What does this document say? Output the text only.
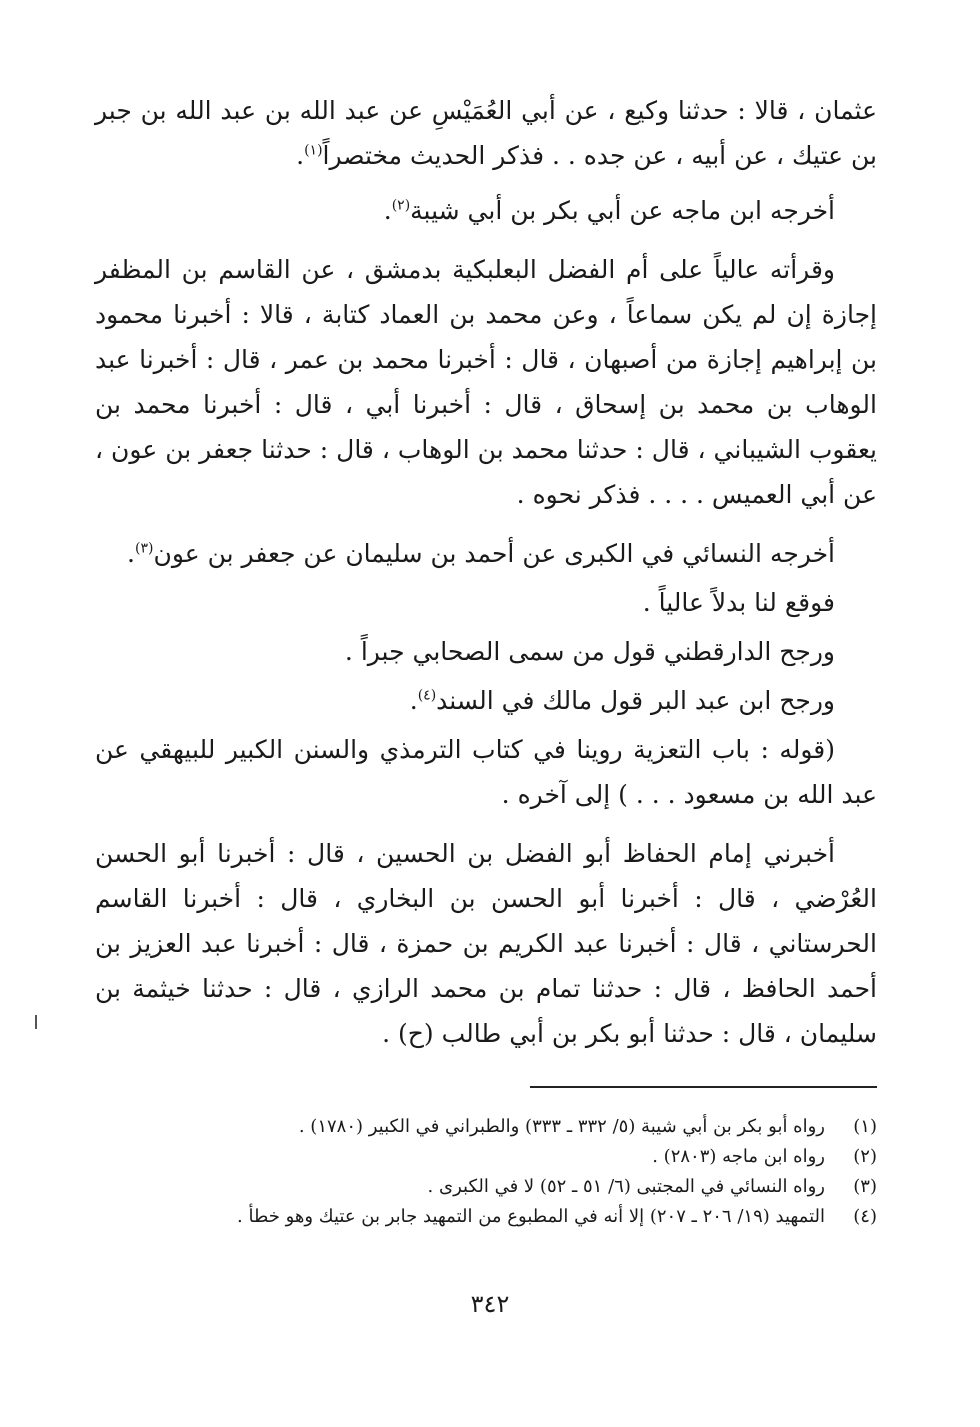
عثمان ، قالا : حدثنا وكيع ، عن أبي العُمَيْسِ عن عبد الله بن عبد الله بن جبر بن عتيك ، عن أبيه ، عن جده . . فذكر الحديث مختصراً$^{(١)}$.

أخرجه ابن ماجه عن أبي بكر بن أبي شيبة$^{(٢)}$.

وقرأته عالياً على أم الفضل البعلبكية بدمشق ، عن القاسم بن المظفر إجازة إن لم يكن سماعاً ، وعن محمد بن العماد كتابة ، قالا : أخبرنا محمود بن إبراهيم إجازة من أصبهان ، قال : أخبرنا محمد بن عمر ، قال : أخبرنا عبد الوهاب بن محمد بن إسحاق ، قال : أخبرنا أبي ، قال : أخبرنا محمد بن يعقوب الشيباني ، قال : حدثنا محمد بن الوهاب ، قال : حدثنا جعفر بن عون ، عن أبي العميس . . . . فذكر نحوه .

أخرجه النسائي في الكبرى عن أحمد بن سليمان عن جعفر بن عون$^{(٣)}$.

فوقع لنا بدلاً عالياً .

ورجح الدارقطني قول من سمى الصحابي جبراً .

ورجح ابن عبد البر قول مالك في السند$^{(٤)}$.

(قوله : باب التعزية روينا في كتاب الترمذي والسنن الكبير للبيهقي عن عبد الله بن مسعود . . . ) إلى آخره .

أخبرني إمام الحفاظ أبو الفضل بن الحسين ، قال : أخبرنا أبو الحسن العُرْضي ، قال : أخبرنا أبو الحسن بن البخاري ، قال : أخبرنا القاسم الحرستاني ، قال : أخبرنا عبد الكريم بن حمزة ، قال : أخبرنا عبد العزيز بن أحمد الحافظ ، قال : حدثنا تمام بن محمد الرازي ، قال : حدثنا خيثمة بن سليمان ، قال : حدثنا أبو بكر بن أبي طالب (ح) .

(١)
رواه أبو بكر بن أبي شيبة (٥/ ٣٣٢ ـ ٣٣٣) والطبراني في الكبير (١٧٨٠) .
(٢)
رواه ابن ماجه (٢٨٠٣) .
(٣)
رواه النسائي في المجتبى (٦/ ٥١ ـ ٥٢) لا في الكبرى .
(٤)
التمهيد (١٩/ ٢٠٦ ـ ٢٠٧) إلا أنه في المطبوع من التمهيد جابر بن عتيك وهو خطأ .
٣٤٢
